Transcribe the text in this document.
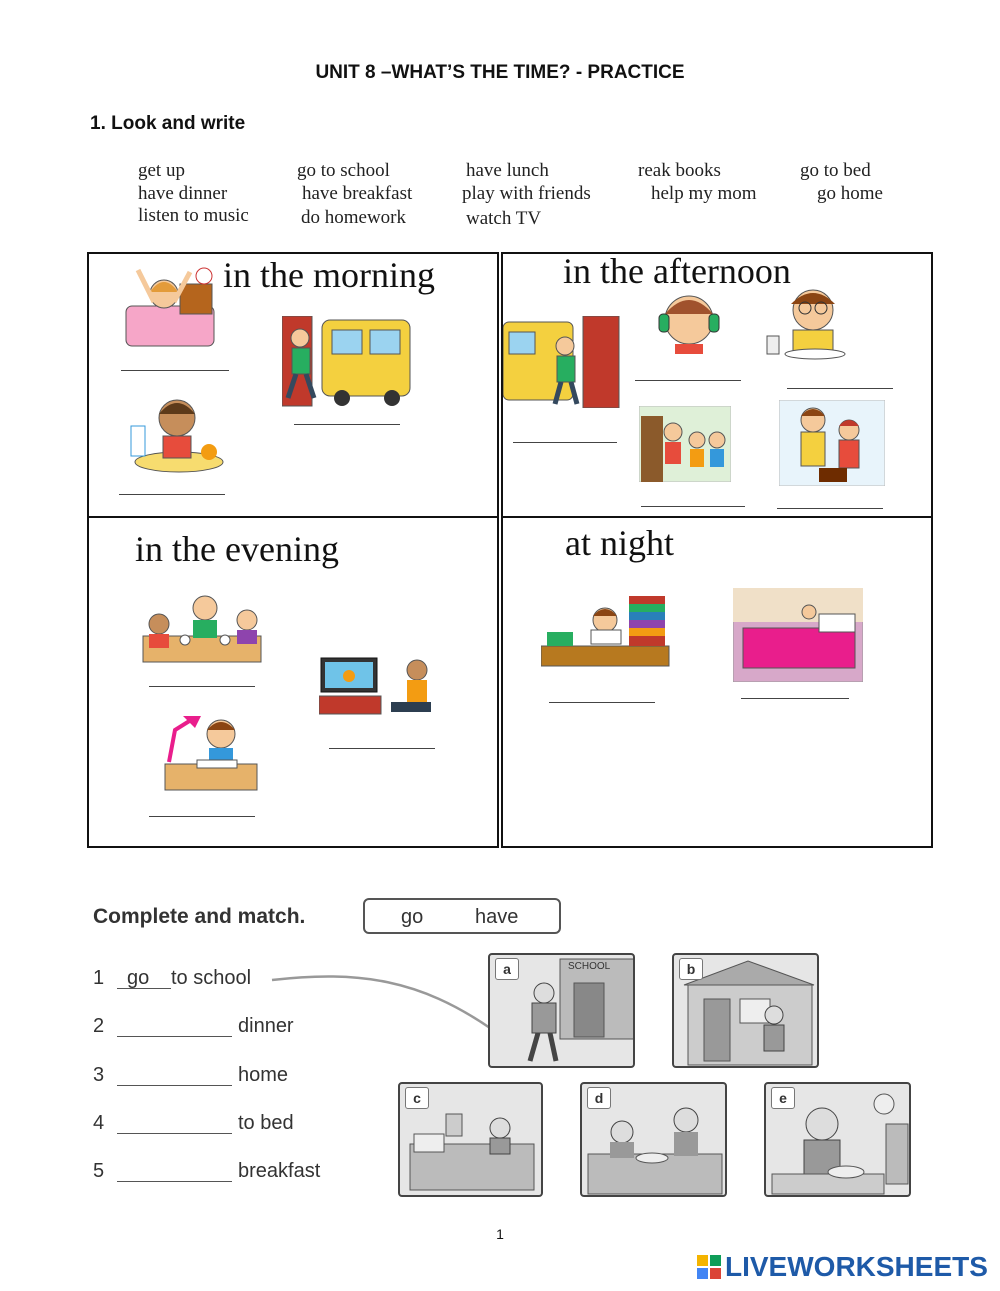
UNIT 8 –WHAT’S THE TIME? - PRACTICE
1. Look and write
get up	go to school	have lunch	reak books	go to bed
have dinner	have breakfast	play with friends	help my mom	go home
listen to music	do homework	watch TV
in the morning	in the afternoon
in the evening	at night
Complete and match.	go	have
1	go	to school
2	dinner
3	home
4	to bed
5	breakfast
a	SCHOOL	b
c	d	e
1
LIVEWORKSHEETS
